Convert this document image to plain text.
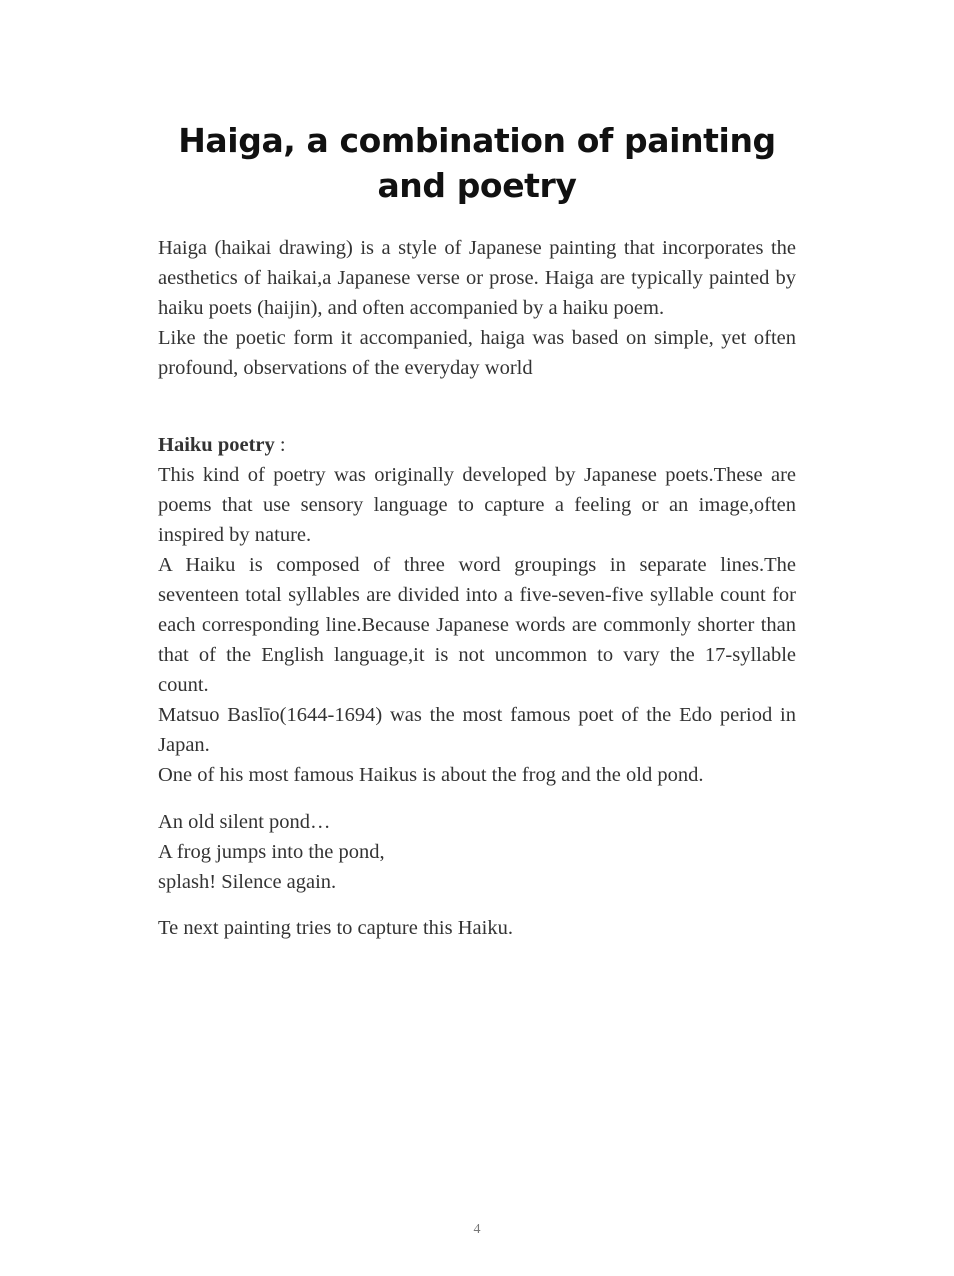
Haiga, a combination of painting and poetry

Haiga (haikai drawing) is a style of Japanese painting that incorporates the aesthetics of haikai,a Japanese verse or prose. Haiga are typically painted by haiku poets (haijin), and often accompanied by a haiku poem.

Like the poetic form it accompanied, haiga was based on simple, yet often profound, observations of the everyday world

Haiku poetry :

This kind of poetry was originally developed by Japanese poets.These are poems that use sensory language to capture a feeling or an image,often inspired by nature.

A Haiku is composed of three word groupings in separate lines.The seventeen total syllables are divided into a five-seven-five syllable count for each corresponding line.Because Japanese words are commonly shorter than that of the English language,it is not uncommon to vary the 17-syllable count.

Matsuo Baslīo(1644-1694) was the most famous poet of the Edo period in Japan.

One of his most famous Haikus is about the frog and the old pond.

An old silent pond…

A frog jumps into the pond,

splash! Silence again.

Te next painting tries to capture this Haiku.
4
